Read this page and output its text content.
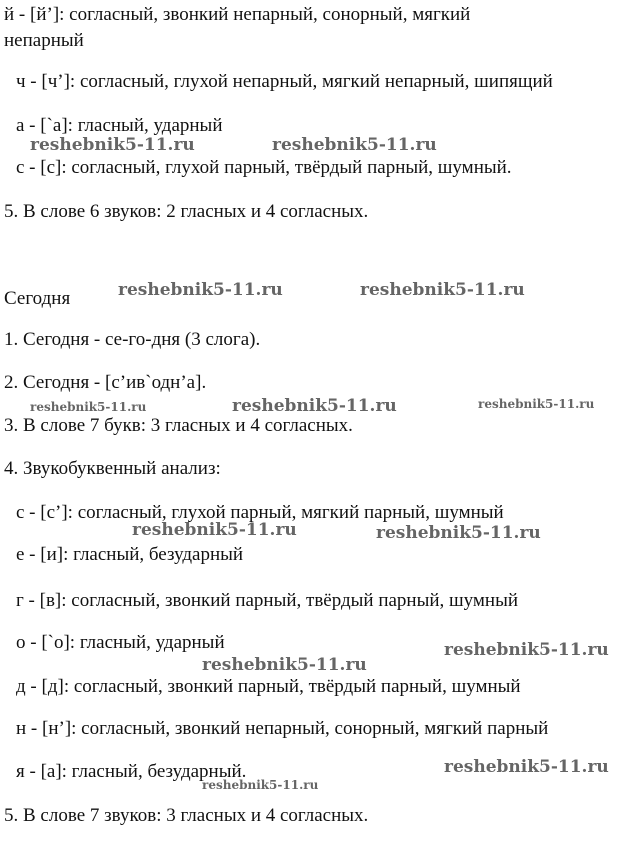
й - [й’]: согласный, звонкий непарный, сонорный, мягкий
непарный
ч - [ч’]: согласный, глухой непарный, мягкий непарный, шипящий
а - [`а]: гласный, ударный
с - [с]: согласный, глухой парный, твёрдый парный, шумный.
5. В слове 6 звуков: 2 гласных и 4 согласных.
Сегодня
1. Сегодня - се-го-дня (3 слога).
2. Сегодня - [с’ив`одн’а].
3. В слове 7 букв: 3 гласных и 4 согласных.
4. Звукобуквенный анализ:
с - [с’]: согласный, глухой парный, мягкий парный, шумный
е - [и]: гласный, безударный
г - [в]: согласный, звонкий парный, твёрдый парный, шумный
о - [`о]: гласный, ударный
д - [д]: согласный, звонкий парный, твёрдый парный, шумный
н - [н’]: согласный, звонкий непарный, сонорный, мягкий парный
я - [а]: гласный, безударный.
5. В слове 7 звуков: 3 гласных и 4 согласных.
reshebnik5-11.ru	reshebnik5-11.ru
reshebnik5-11.ru	reshebnik5-11.ru
reshebnik5-11.ru	reshebnik5-11.ru	reshebnik5-11.ru
reshebnik5-11.ru	reshebnik5-11.ru
reshebnik5-11.ru
reshebnik5-11.ru
reshebnik5-11.ru
reshebnik5-11.ru
